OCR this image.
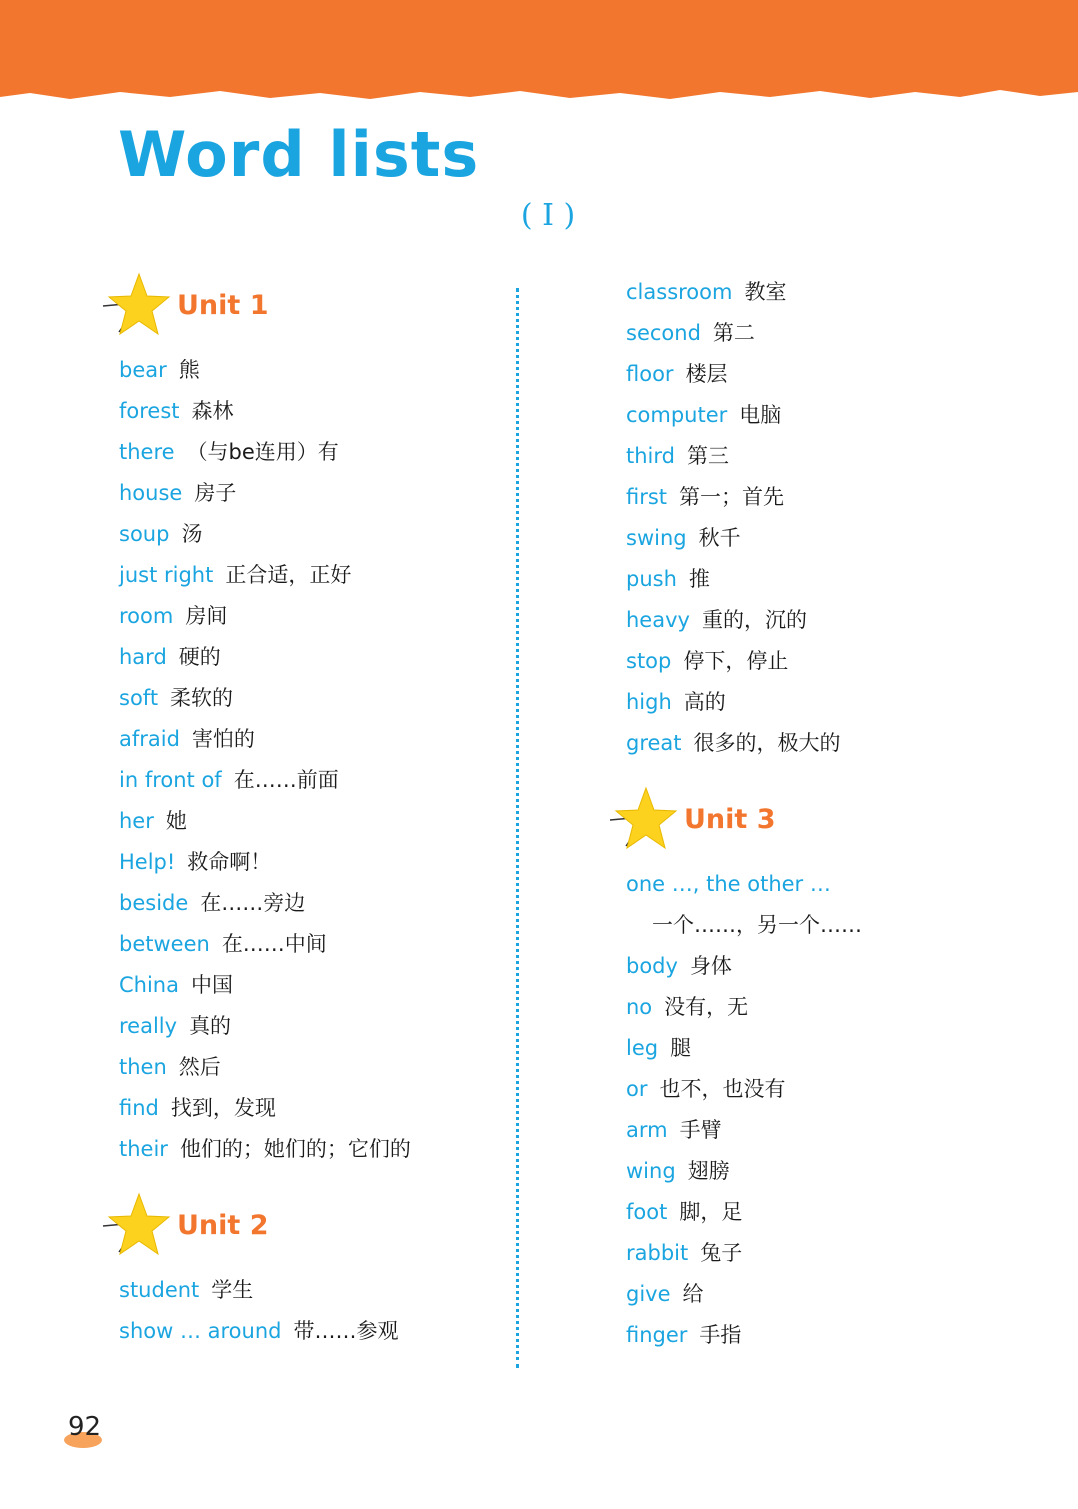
Word lists
( I )
Unit 1
bear 熊
forest 森林
there （与be连用）有
house 房子
soup 汤
just right 正合适，正好
room 房间
hard 硬的
soft 柔软的
afraid 害怕的
in front of 在……前面
her 她
Help! 救命啊！
beside 在……旁边
between 在……中间
China 中国
really 真的
then 然后
find 找到，发现
their 他们的；她们的；它们的
Unit 2
student 学生
show … around 带……参观
classroom 教室
second 第二
floor 楼层
computer 电脑
third 第三
first 第一；首先
swing 秋千
push 推
heavy 重的，沉的
stop 停下，停止
high 高的
great 很多的，极大的
Unit 3
one …, the other …
一个……，另一个……
body 身体
no 没有，无
leg 腿
or 也不，也没有
arm 手臂
wing 翅膀
foot 脚，足
rabbit 兔子
give 给
finger 手指
92
